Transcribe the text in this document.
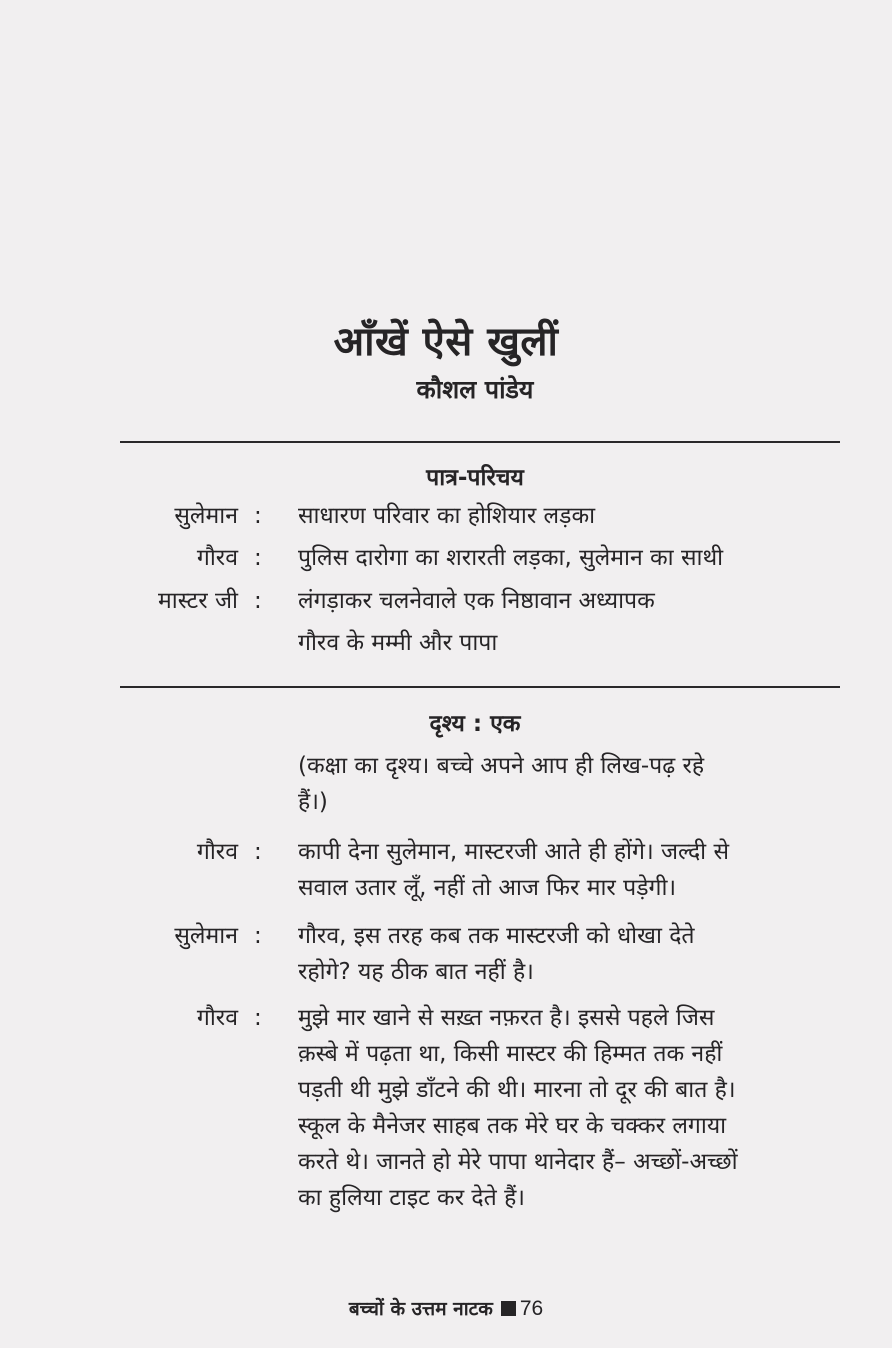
आँखें ऐसे खुलीं
कौशल पांडेय
पात्र-परिचय
सुलेमान : साधारण परिवार का होशियार लड़का
गौरव : पुलिस दारोगा का शरारती लड़का, सुलेमान का साथी
मास्टर जी : लंगड़ाकर चलनेवाले एक निष्ठावान अध्यापक
गौरव के मम्मी और पापा
दृश्य : एक
(कक्षा का दृश्य। बच्चे अपने आप ही लिख-पढ़ रहे
हैं।)
गौरव : कापी देना सुलेमान, मास्टरजी आते ही होंगे। जल्दी से
सवाल उतार लूँ, नहीं तो आज फिर मार पड़ेगी।
सुलेमान : गौरव, इस तरह कब तक मास्टरजी को धोखा देते
रहोगे? यह ठीक बात नहीं है।
गौरव : मुझे मार खाने से सख़्त नफ़रत है। इससे पहले जिस
क़स्बे में पढ़ता था, किसी मास्टर की हिम्मत तक नहीं
पड़ती थी मुझे डाँटने की थी। मारना तो दूर की बात है।
स्कूल के मैनेजर साहब तक मेरे घर के चक्कर लगाया
करते थे। जानते हो मेरे पापा थानेदार हैं– अच्छों-अच्छों
का हुलिया टाइट कर देते हैं।
बच्चों के उत्तम नाटक 76
